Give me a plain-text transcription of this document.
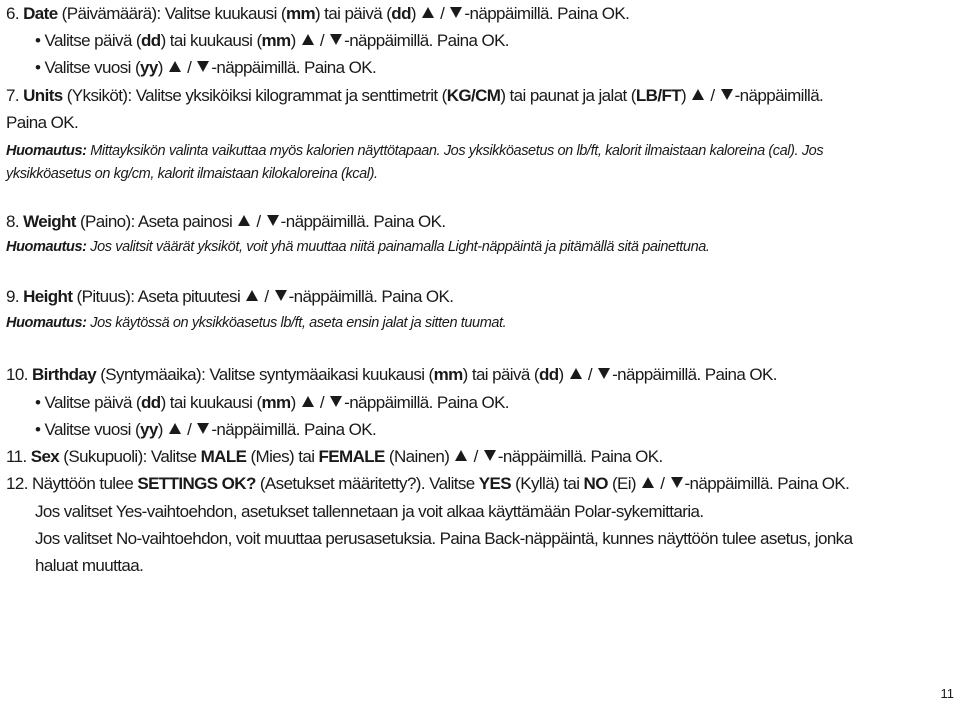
6. Date (Päivämäärä): Valitse kuukausi (mm) tai päivä (dd)  / -näppäimillä. Paina OK.
• Valitse päivä (dd) tai kuukausi (mm)  / -näppäimillä. Paina OK.
• Valitse vuosi (yy)  / -näppäimillä. Paina OK.
7. Units (Yksiköt): Valitse yksiköiksi kilogrammat ja senttimetrit (KG/CM) tai paunat ja jalat (LB/FT)  / -näppäimillä.
Paina OK.
Huomautus: Mittayksikön valinta vaikuttaa myös kalorien näyttötapaan. Jos yksikköasetus on lb/ft, kalorit ilmaistaan kaloreina (cal). Jos
yksikköasetus on kg/cm, kalorit ilmaistaan kilokaloreina (kcal).
8. Weight (Paino): Aseta painosi  / -näppäimillä. Paina OK.
Huomautus: Jos valitsit väärät yksiköt, voit yhä muuttaa niitä painamalla Light-näppäintä ja pitämällä sitä painettuna.
9. Height (Pituus): Aseta pituutesi  / -näppäimillä. Paina OK.
Huomautus: Jos käytössä on yksikköasetus lb/ft, aseta ensin jalat ja sitten tuumat.
10. Birthday (Syntymäaika): Valitse syntymäaikasi kuukausi (mm) tai päivä (dd)  / -näppäimillä. Paina OK.
• Valitse päivä (dd) tai kuukausi (mm)  / -näppäimillä. Paina OK.
• Valitse vuosi (yy)  / -näppäimillä. Paina OK.
11. Sex (Sukupuoli): Valitse MALE (Mies) tai FEMALE (Nainen)  / -näppäimillä. Paina OK.
12. Näyttöön tulee SETTINGS OK? (Asetukset määritetty?). Valitse YES (Kyllä) tai NO (Ei)  / -näppäimillä. Paina OK.
Jos valitset Yes-vaihtoehdon, asetukset tallennetaan ja voit alkaa käyttämään Polar-sykemittaria.
Jos valitset No-vaihtoehdon, voit muuttaa perusasetuksia. Paina Back-näppäintä, kunnes näyttöön tulee asetus, jonka
haluat muuttaa.
11
